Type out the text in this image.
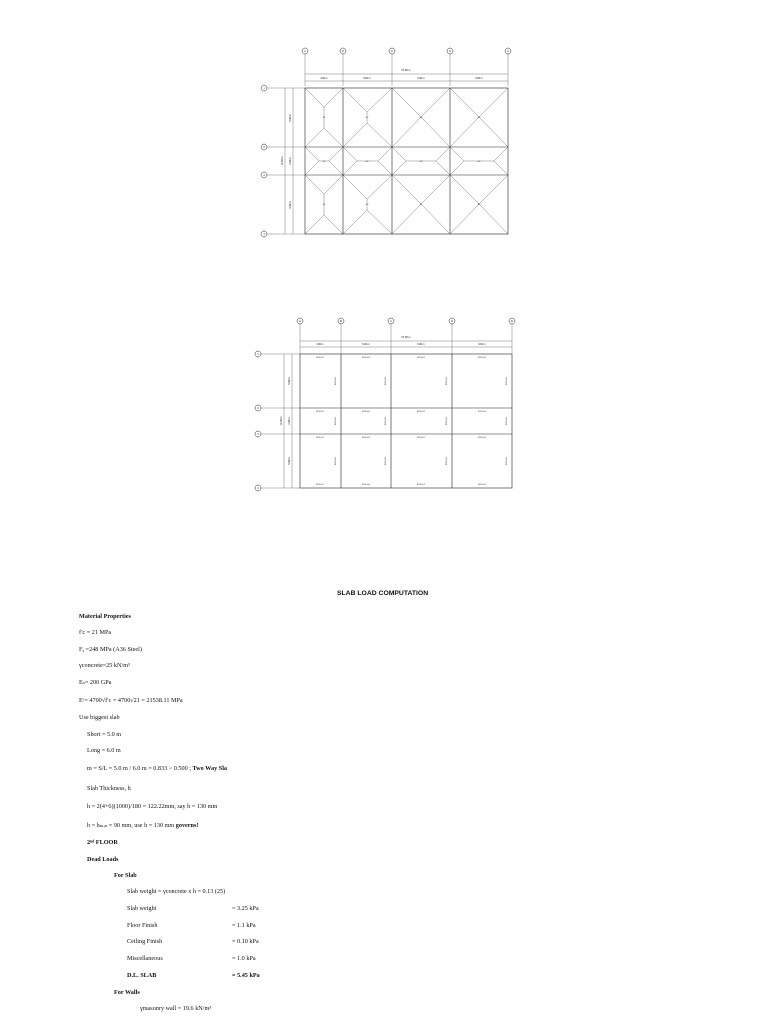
A	B	C	D	E
27.00 m
4.00 m	5.00 m	6.00 m	6.00 m
1
2
3
4
12.00 m
5.00 m
2.00 m
5.00 m
S1	S2	S2	S2
S3	S4	S4	S4
S1	S2	S2	S2
A	B	C	D	E
27.00 m
4.00 m	5.00 m	6.00 m	6.00 m
1
2
3
4
12.00 m
5.00 m
2.00 m
5.00 m
B250x47	B250x50	B250x52	B250x50
B250x47	B250x50	B250x52	B250x50
B250x47	B250x50	B250x52	B250x50
B250x47	B250x50	B250x52	B250x50
B250x45	B250x45	B250x45	B250x45
B250x45	B250x45	B250x45	B250x45
B250x45	B250x45	B250x45	B250x45
SLAB LOAD COMPUTATION
Material Properties
f′c = 21 MPa
Fᵧ =248 MPa (A36 Steel)
γconcrete=25 kN/m³
Eₛ= 200 GPa
Eᶜ= 4700√f′c = 4700√21 = 21538.11 MPa
Use biggest slab
Short = 5.0 m
Long = 6.0 m
m = S/L = 5.0 m / 6.0 m = 0.833 > 0.500 ; Two Way Sla
Slab Thickness, h
h = 2(4+6)(1000)/180 = 122.22mm, say h = 130 mm
h = hₘᵢₙ = 90 mm, use h = 130 mm governs!
2ⁿᵈ FLOOR
Dead Loads
For Slab
Slab weight = γconcrete x h = 0.13 (25)
Slab weight	= 3.25 kPa
Floor Finish	= 1.1 kPa
Ceiling Finish	= 0.10 kPa
Miscellaneous	= 1.0 kPa
D.L. SLAB	= 5.45 kPa
For Walls
γmasonry wall = 19.6 kN/m³
